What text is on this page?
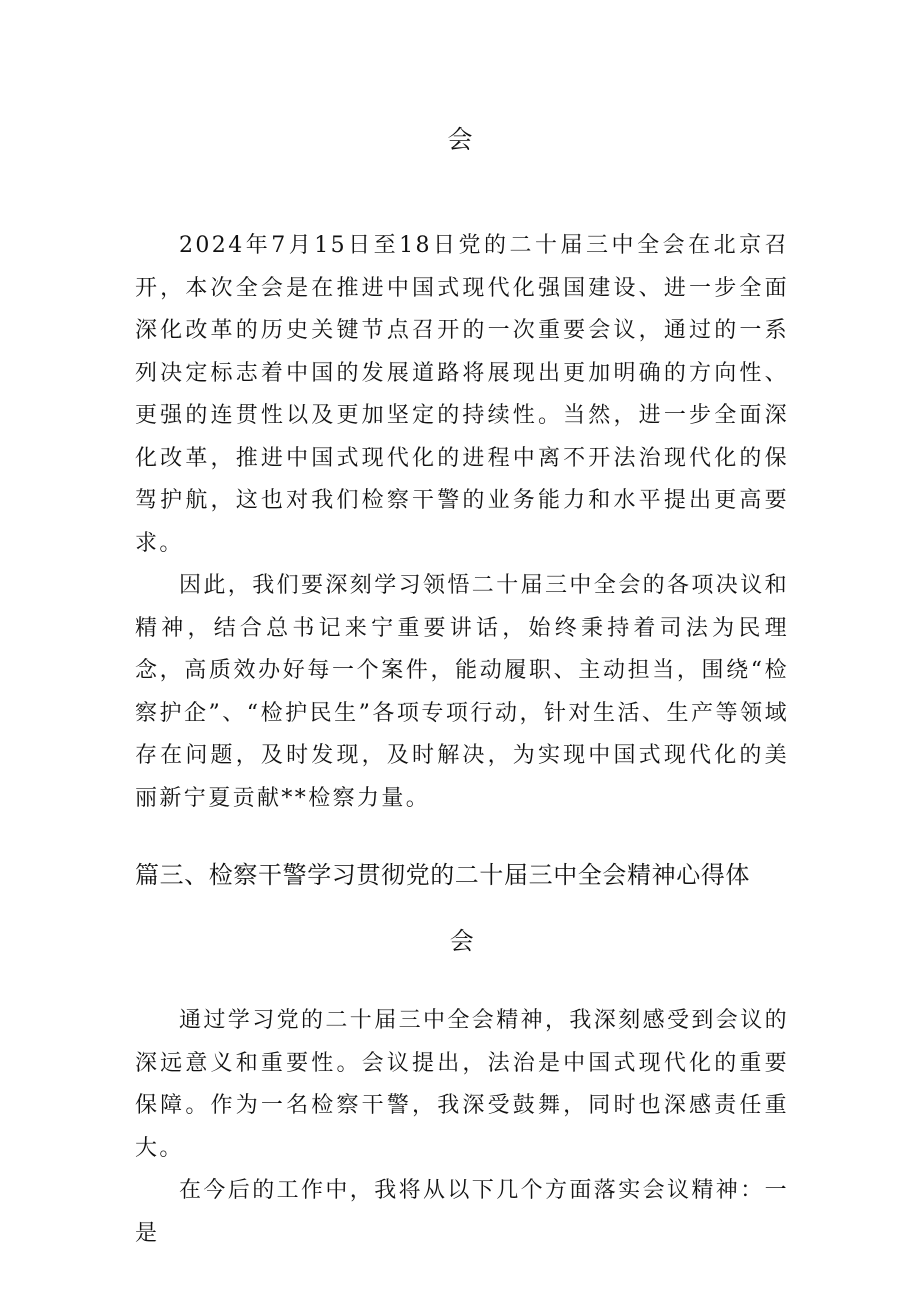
会

2024年7月15日至18日党的二十届三中全会在北京召开，本次全会是在推进中国式现代化强国建设、进一步全面深化改革的历史关键节点召开的一次重要会议，通过的一系列决定标志着中国的发展道路将展现出更加明确的方向性、更强的连贯性以及更加坚定的持续性。当然，进一步全面深化改革，推进中国式现代化的进程中离不开法治现代化的保驾护航，这也对我们检察干警的业务能力和水平提出更高要求。

因此，我们要深刻学习领悟二十届三中全会的各项决议和精神，结合总书记来宁重要讲话，始终秉持着司法为民理念，高质效办好每一个案件，能动履职、主动担当，围绕“检察护企”、“检护民生”各项专项行动，针对生活、生产等领域存在问题，及时发现，及时解决，为实现中国式现代化的美丽新宁夏贡献**检察力量。

篇三、检察干警学习贯彻党的二十届三中全会精神心得体
会

通过学习党的二十届三中全会精神，我深刻感受到会议的深远意义和重要性。会议提出，法治是中国式现代化的重要保障。作为一名检察干警，我深受鼓舞，同时也深感责任重大。

在今后的工作中，我将从以下几个方面落实会议精神：一是
